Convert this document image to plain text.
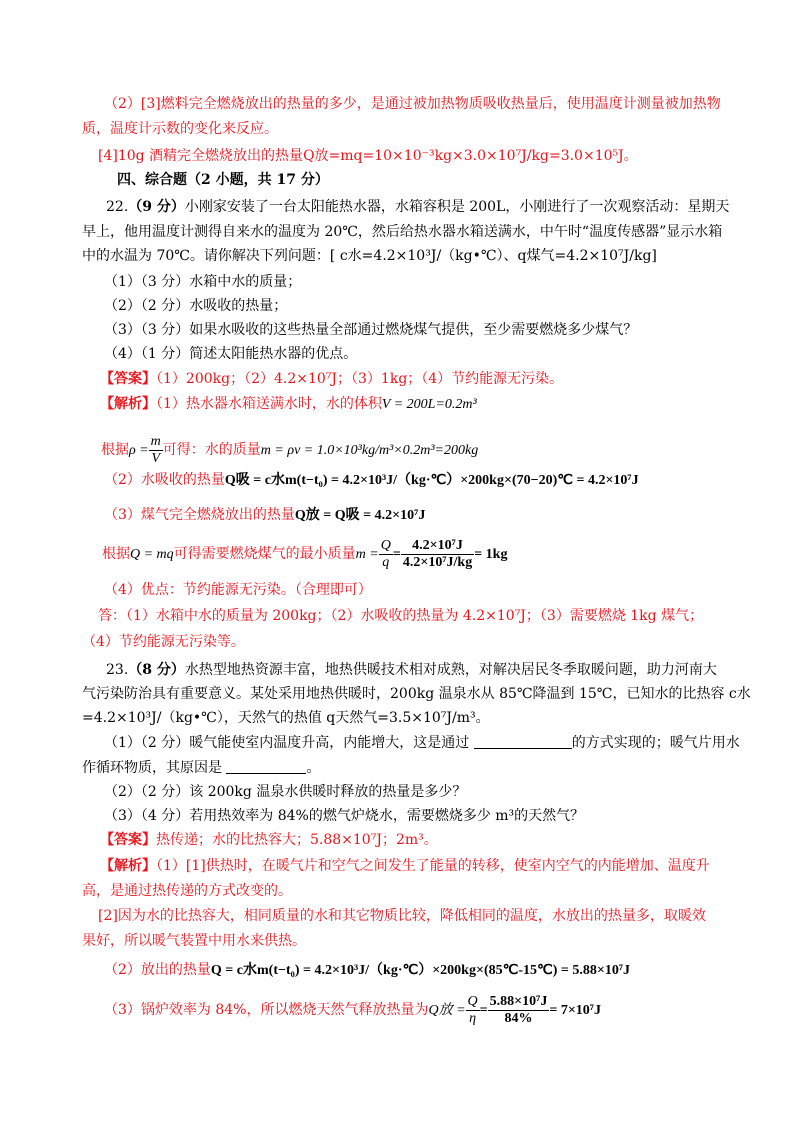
（2）[3]燃料完全燃烧放出的热量的多少，是通过被加热物质吸收热量后，使用温度计测量被加热物
质，温度计示数的变化来反应。
[4]10g 酒精完全燃烧放出的热量Q放=mq=10×10⁻³kg×3.0×10⁷J/kg=3.0×10⁵J。
四、综合题（2 小题，共 17 分）
22.（9 分）小刚家安装了一台太阳能热水器，水箱容积是 200L，小刚进行了一次观察活动：星期天
早上，他用温度计测得自来水的温度为 20℃，然后给热水器水箱送满水，中午时“温度传感器”显示水箱
中的水温为 70℃。请你解决下列问题：[ c水=4.2×10³J/（kg•℃）、q煤气=4.2×10⁷J/kg]
（1）（3 分）水箱中水的质量；
（2）（2 分）水吸收的热量；
（3）（3 分）如果水吸收的这些热量全部通过燃烧煤气提供，至少需要燃烧多少煤气？
（4）（1 分）简述太阳能热水器的优点。
【答案】（1）200kg；（2）4.2×10⁷J；（3）1kg；（4）节约能源无污染。
【解析】（1）热水器水箱送满水时，水的体积V = 200L=0.2m³
根据$\rho = \frac{m}{V}$ 可得：水的质量m = ρv = 1.0×10³kg/m³×0.2m³=200kg
（2）水吸收的热量Q吸 = c水m(t−t₀) = 4.2×10³J/（kg·℃）×200kg×(70−20)℃ = 4.2×10⁷J
（3）煤气完全燃烧放出的热量Q放 = Q吸 = 4.2×10⁷J
根据Q = mq可得需要燃烧煤气的最小质量$m = \frac{Q}{q} = \frac{\text{4.2×10⁷J}}{\text{4.2×10⁷J/kg}} = 1kg$
（4）优点：节约能源无污染。（合理即可）
答：（1）水箱中水的质量为 200kg；（2）水吸收的热量为 4.2×10⁷J；（3）需要燃烧 1kg 煤气；
（4）节约能源无污染等。
23.（8 分）水热型地热资源丰富，地热供暖技术相对成熟，对解决居民冬季取暖问题，助力河南大
气污染防治具有重要意义。某处采用地热供暖时，200kg 温泉水从 85℃降温到 15℃，已知水的比热容 c水
=4.2×10³J/（kg•℃），天然气的热值 q天然气=3.5×10⁷J/m³。
（1）（2 分）暖气能使室内温度升高，内能增大，这是通过	的方式实现的；暖气片用水
作循环物质，其原因是	。
（2）（2 分）该 200kg 温泉水供暖时释放的热量是多少？
（3）（4 分）若用热效率为 84%的燃气炉烧水，需要燃烧多少 m³的天然气？
【答案】热传递；水的比热容大；5.88×10⁷J；2m³。
【解析】（1）[1]供热时，在暖气片和空气之间发生了能量的转移，使室内空气的内能增加、温度升
高，是通过热传递的方式改变的。
[2]因为水的比热容大，相同质量的水和其它物质比较，降低相同的温度，水放出的热量多，取暖效
果好，所以暖气装置中用水来供热。
（2）放出的热量Q = c水m(t−t₀) = 4.2×10³J/（kg·℃）×200kg×(85℃-15℃) = 5.88×10⁷J
（3）锅炉效率为 84%，所以燃烧天然气释放热量为Q放 = $\frac{Q}{\eta} = \frac{\text{5.88×10⁷J}}{84\%} = 7\times 10^7J$
